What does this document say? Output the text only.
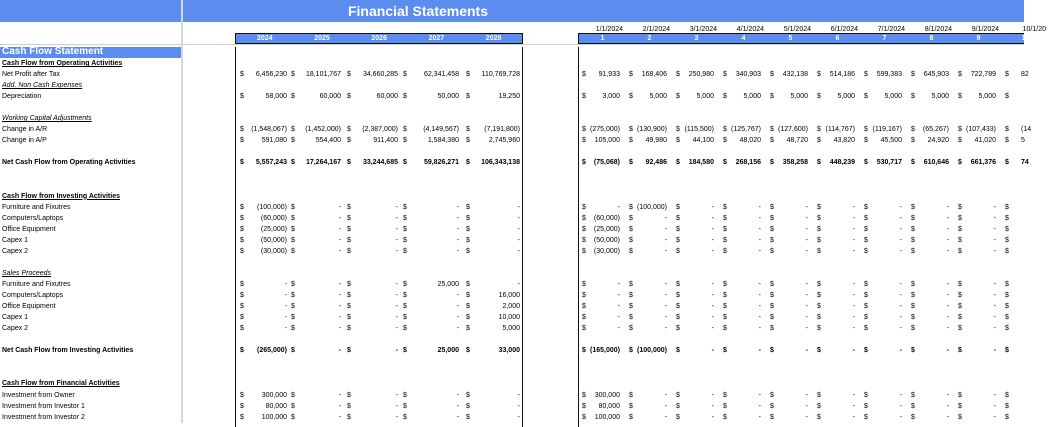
Financial Statements
2024	2025	2026	2027	2028	1	2	3	4	5	6	7	8	9	10
1/1/2024	2/1/2024	3/1/2024	4/1/2024	5/1/2024	6/1/2024	7/1/2024	8/1/2024	9/1/2024	10/1/20
Cash Flow Statement
Cash Flow from Operating Activities
Net Profit after Tax	$ 6,456,230 $ 18,101,767 $ 34,660,285 $ 62,341,458 $ 110,769,728	$ 91,933 $ 168,406 $ 250,980 $ 340,903 $ 432,138 $ 514,186 $ 599,383 $ 645,903 $ 722,789 $ 82
Add. Non Cash Expenses
Depreciation	$	58,000 $	60,000 $	60,000 $	50,000 $	19,250	$ 3,000 $ 5,000 $ 5,000 $ 5,000 $ 5,000 $ 5,000 $ 5,000 $ 5,000 $ 5,000 $
Working Capital Adjustments
Change in A/R	$ (1,548,067) $ (1,452,000) $ (2,387,000) $ (4,149,567) $ (7,191,800)	$ (275,000) $ (130,900) $ (115,500) $ (125,767) $ (127,600) $ (114,767) $ (119,167) $ (65,267) $ (107,433) $ (14
Change in A/P	$	591,080 $	554,400 $	911,400 $	1,584,380 $	2,745,960	$ 105,000 $ 49,980 $ 44,100 $ 48,020 $ 48,720 $ 43,820 $ 45,500 $ 24,920 $ 41,020 $ 5
Net Cash Flow from Operating Activities	$ 5,557,243 $ 17,264,167 $ 33,244,685 $ 59,826,271 $ 106,343,138	$ (75,068) $ 92,486 $ 184,580 $ 268,156 $ 358,258 $ 448,239 $ 530,717 $ 610,646 $ 661,376 $ 74
Cash Flow from Investing Activities
Furniture and Fixutres	$ (100,000) $	- $	- $	- $	-	$	- $ (100,000) $	- $	- $	- $	- $	- $	- $	- $
Computers/Laptops	$ (60,000) $	- $	- $	- $	-	$ (60,000) $	- $	- $	- $	- $	- $	- $	- $	- $
Office Equipment	$ (25,000) $	- $	- $	- $	-	$ (25,000) $	- $	- $	- $	- $	- $	- $	- $	- $
Capex 1	$ (50,000) $	- $	- $	- $	-	$ (50,000) $	- $	- $	- $	- $	- $	- $	- $	- $
Capex 2	$ (30,000) $	- $	- $	- $	-	$ (30,000) $	- $	- $	- $	- $	- $	- $	- $	- $
Sales Proceeds
Furniture and Fixutres	$	- $	- $	- $	25,000 $	-	$	- $	- $	- $	- $	- $	- $	- $	- $	- $
Computers/Laptops	$	- $	- $	- $	- $	16,000	$	- $	- $	- $	- $	- $	- $	- $	- $	- $
Office Equipment	$	- $	- $	- $	- $	2,000	$	- $	- $	- $	- $	- $	- $	- $	- $	- $
Capex 1	$	- $	- $	- $	- $	10,000	$	- $	- $	- $	- $	- $	- $	- $	- $	- $
Capex 2	$	- $	- $	- $	- $	5,000	$	- $	- $	- $	- $	- $	- $	- $	- $	- $
Net Cash Flow from Investing Activities	$ (265,000) $	- $	- $	25,000 $	33,000	$ (165,000) $ (100,000) $	- $	- $	- $	- $	- $	- $	- $
Cash Flow from Financial Activities
Investment from Owner	$	300,000 $	- $	- $	- $	-	$ 300,000 $	- $	- $	- $	- $	- $	- $	- $	- $
Investment from Investor 1	$	80,000 $	- $	- $	- $	-	$ 80,000 $	- $	- $	- $	- $	- $	- $	- $	- $
Investment from Investor 2	$	100,000 $	- $	- $	- $	-	$ 100,000 $	- $	- $	- $	- $	- $	- $	- $	- $
